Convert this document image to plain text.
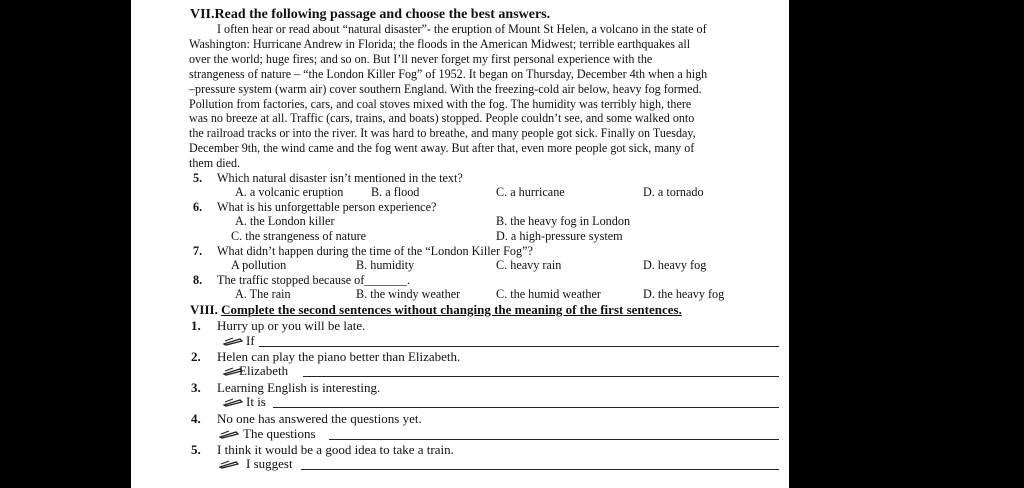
VII.Read the following passage and choose the best answers.
I often hear or read about “natural disaster”- the eruption of Mount St Helen, a volcano in the state of
Washington: Hurricane Andrew in Florida; the floods in the American Midwest; terrible earthquakes all
over the world; huge fires; and so on. But I’ll never forget my first personal experience with the
strangeness of nature – “the London Killer Fog” of 1952. It began on Thursday, December 4th when a high
–pressure system (warm air) cover southern England. With the freezing-cold air below, heavy fog formed.
Pollution from factories, cars, and coal stoves mixed with the fog. The humidity was terribly high, there
was no breeze at all. Traffic (cars, trains, and boats) stopped. People couldn’t see, and some walked onto
the railroad tracks or into the river. It was hard to breathe, and many people got sick. Finally on Tuesday,
December 9th, the wind came and the fog went away. But after that, even more people got sick, many of
them died.
5. Which natural disaster isn’t mentioned in the text?
A. a volcanic eruption B. a flood	C. a hurricane	D. a tornado
6. What is his unforgettable person experience?
A. the London killer	B. the heavy fog in London
C. the strangeness of nature	D. a high-pressure system
7. What didn’t happen during the time of the “London Killer Fog”?
A pollution	B. humidity	C. heavy rain	D. heavy fog
8. The traffic stopped because of_______.
A. The rain	B. the windy weather	C. the humid weather	D. the heavy fog
VIII. Complete the second sentences without changing the meaning of the first sentences.
1. Hurry up or you will be late.
If
2. Helen can play the piano better than Elizabeth.
Elizabeth
3. Learning English is interesting.
It is
4. No one has answered the questions yet.
The questions
5. I think it would be a good idea to take a train.
I suggest
